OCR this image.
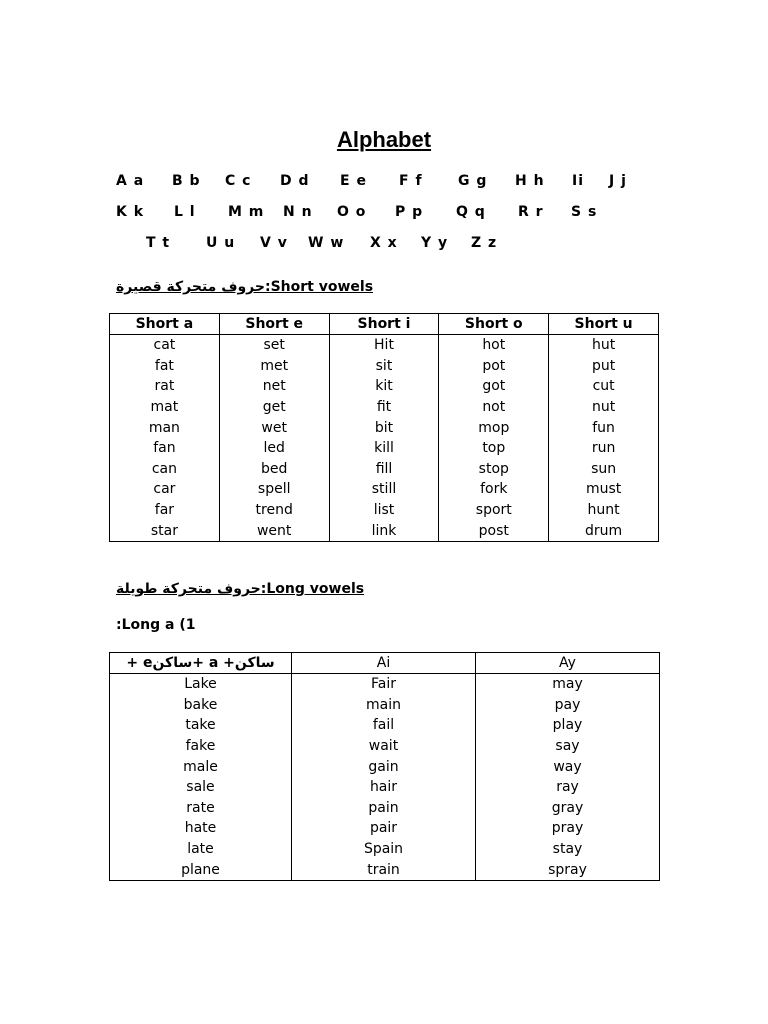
Alphabet
A a B b C c D d E e F f	G g H h Ii J j
K k L l M m N n O o P p Q q R r S s
T t	U u V v W w X x Y y Z z
حروف متحركة قصيرة:Short vowels
Short a	Short e	Short i	Short o	Short u
cat	set	Hit	hot	hut
fat	met	sit	pot	put
rat	net	kit	got	cut
mat	get	fit	not	nut
man	wet	bit	mop	fun
fan	led	kill	top	run
can	bed	fill	stop	sun
car	spell	still	fork	must
far	trend	list	sport	hunt
star	went	link	post	drum
حروف متحركة طويلة:Long vowels
:Long a (1
+ eساكن+ a +ساكن	Ai	Ay
Lake	Fair	may
bake	main	pay
take	fail	play
fake	wait	say
male	gain	way
sale	hair	ray
rate	pain	gray
hate	pair	pray
late	Spain	stay
plane	train	spray
